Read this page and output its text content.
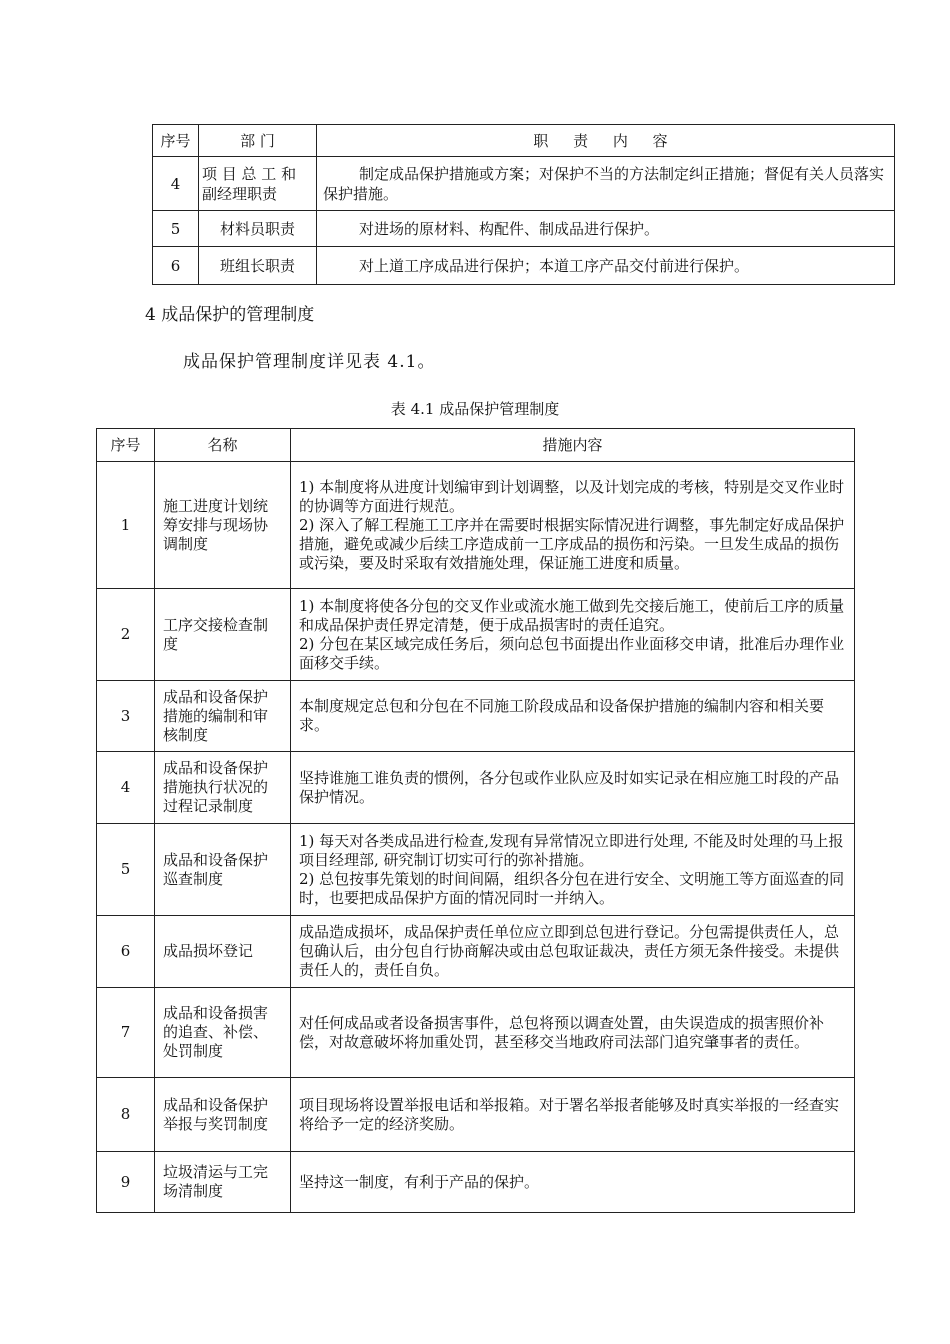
序号	部 门	职 责 内 容
4	项 目 总 工 和 副经理职责	制定成品保护措施或方案；对保护不当的方法制定纠正措施；督促有关人员落实保护措施。
5	材料员职责	对进场的原材料、构配件、制成品进行保护。
6	班组长职责	对上道工序成品进行保护；本道工序产品交付前进行保护。
4 成品保护的管理制度
成品保护管理制度详见表 4.1。
表 4.1 成品保护管理制度
序号	名称	措施内容
1	施工进度计划统筹安排与现场协调制度	1) 本制度将从进度计划编审到计划调整，以及计划完成的考核，特别是交叉作业时的协调等方面进行规范。
2) 深入了解工程施工工序并在需要时根据实际情况进行调整，事先制定好成品保护措施，避免或减少后续工序造成前一工序成品的损伤和污染。一旦发生成品的损伤或污染，要及时采取有效措施处理，保证施工进度和质量。

2	工序交接检查制度	1) 本制度将使各分包的交叉作业或流水施工做到先交接后施工，使前后工序的质量和成品保护责任界定清楚，便于成品损害时的责任追究。
2) 分包在某区域完成任务后，须向总包书面提出作业面移交申请，批准后办理作业面移交手续。

3	成品和设备保护措施的编制和审核制度	本制度规定总包和分包在不同施工阶段成品和设备保护措施的编制内容和相关要求。

4	成品和设备保护措施执行状况的过程记录制度	坚持谁施工谁负责的惯例，各分包或作业队应及时如实记录在相应施工时段的产品保护情况。

5	成品和设备保护巡查制度	1) 每天对各类成品进行检查,发现有异常情况立即进行处理, 不能及时处理的马上报项目经理部, 研究制订切实可行的弥补措施。
2) 总包按事先策划的时间间隔，组织各分包在进行安全、文明施工等方面巡查的同时，也要把成品保护方面的情况同时一并纳入。

6	成品损坏登记	成品造成损坏，成品保护责任单位应立即到总包进行登记。分包需提供责任人，总包确认后，由分包自行协商解决或由总包取证裁决，责任方须无条件接受。未提供责任人的，责任自负。

7	成品和设备损害的追查、补偿、处罚制度	对任何成品或者设备损害事件，总包将预以调查处置，由失误造成的损害照价补偿，对故意破坏将加重处罚，甚至移交当地政府司法部门追究肇事者的责任。

8	成品和设备保护举报与奖罚制度	项目现场将设置举报电话和举报箱。对于署名举报者能够及时真实举报的一经查实将给予一定的经济奖励。

9	垃圾清运与工完场清制度	坚持这一制度，有利于产品的保护。
